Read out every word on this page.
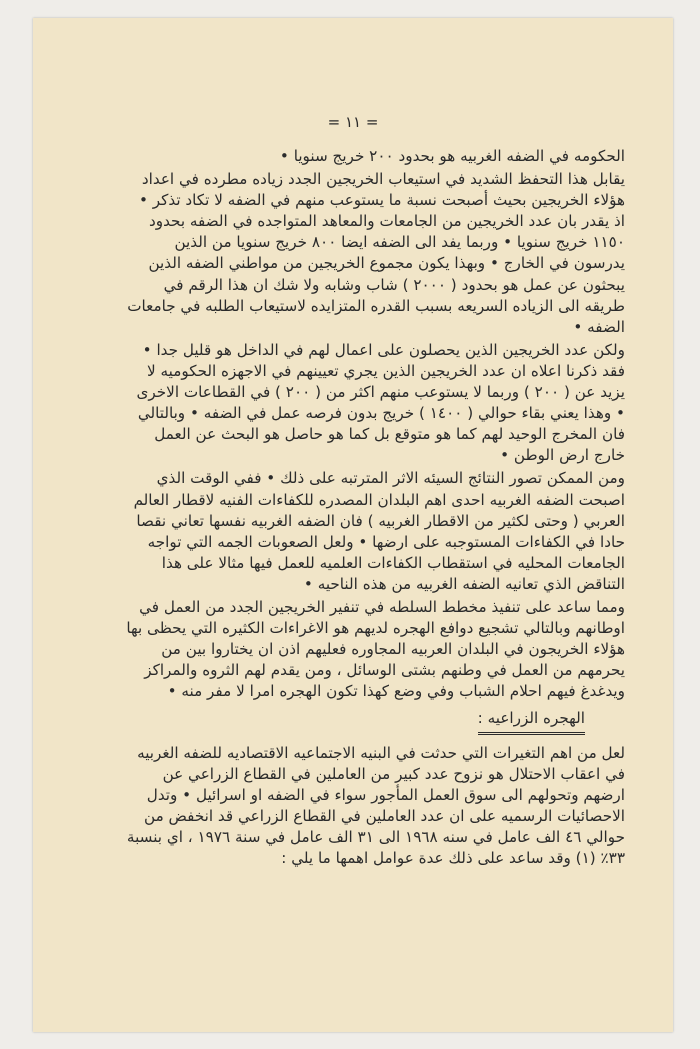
= ١١ =

الحكومه في الضفه الغربيه هو بحدود ٢٠٠ خريج سنويا •

يقابل هذا التحفظ الشديد في استيعاب الخريجين الجدد زياده مطرده في اعداد هؤلاء الخريجين بحيث أصبحت نسبة ما يستوعب منهم في الضفه لا تكاد تذكر • اذ يقدر بان عدد الخريجين من الجامعات والمعاهد المتواجده في الضفه بحدود ١١٥٠ خريج سنويا • وربما يفد الى الضفه ايضا ٨٠٠ خريج سنويا من الذين يدرسون في الخارج • وبهذا يكون مجموع الخريجين من مواطني الضفه الذين يبحثون عن عمل هو بحدود ( ٢٠٠٠ ) شاب وشابه ولا شك ان هذا الرقم في طريقه الى الزياده السريعه بسبب القدره المتزايده لاستيعاب الطلبه في جامعات الضفه •

ولكن عدد الخريجين الذين يحصلون على اعمال لهم في الداخل هو قليل جدا • فقد ذكرنا اعلاه ان عدد الخريجين الذين يجري تعيينهم في الاجهزه الحكوميه لا يزيد عن ( ٢٠٠ ) وربما لا يستوعب منهم اكثر من ( ٢٠٠ ) في القطاعات الاخرى • وهذا يعني بقاء حوالي ( ١٤٠٠ ) خريج بدون فرصه عمل في الضفه • وبالتالي فان المخرج الوحيد لهم كما هو متوقع بل كما هو حاصل هو البحث عن العمل خارج ارض الوطن •

ومن الممكن تصور النتائج السيئه الاثر المترتبه على ذلك • ففي الوقت الذي اصبحت الضفه الغربيه احدى اهم البلدان المصدره للكفاءات الفنيه لاقطار العالم العربي ( وحتى لكثير من الاقطار الغربيه ) فان الضفه الغربيه نفسها تعاني نقصا حادا في الكفاءات المستوجبه على ارضها • ولعل الصعوبات الجمه التي تواجه الجامعات المحليه في استقطاب الكفاءات العلميه للعمل فيها مثالا على هذا التناقض الذي تعانيه الضفه الغربيه من هذه الناحيه •

ومما ساعد على تنفيذ مخطط السلطه في تنفير الخريجين الجدد من العمل في اوطانهم وبالتالي تشجيع دوافع الهجره لديهم هو الاغراءات الكثيره التي يحظى بها هؤلاء الخريجون في البلدان العربيه المجاوره فعليهم اذن ان يختاروا بين من يحرمهم من العمل في وطنهم بشتى الوسائل ، ومن يقدم لهم الثروه والمراكز ويدغدغ فيهم احلام الشباب وفي وضع كهذا تكون الهجره امرا لا مفر منه •

الهجره الزراعيه :

لعل من اهم التغيرات التي حدثت في البنيه الاجتماعيه الاقتصاديه للضفه الغربيه في اعقاب الاحتلال هو نزوح عدد كبير من العاملين في القطاع الزراعي عن ارضهم وتحولهم الى سوق العمل المأجور سواء في الضفه او اسرائيل • وتدل الاحصائيات الرسميه على ان عدد العاملين في القطاع الزراعي قد انخفض من حوالي ٤٦ الف عامل في سنه ١٩٦٨ الى ٣١ الف عامل في سنة ١٩٧٦ ، اي بنسبة ٣٣٪ (١) وقد ساعد على ذلك عدة عوامل اهمها ما يلي :
